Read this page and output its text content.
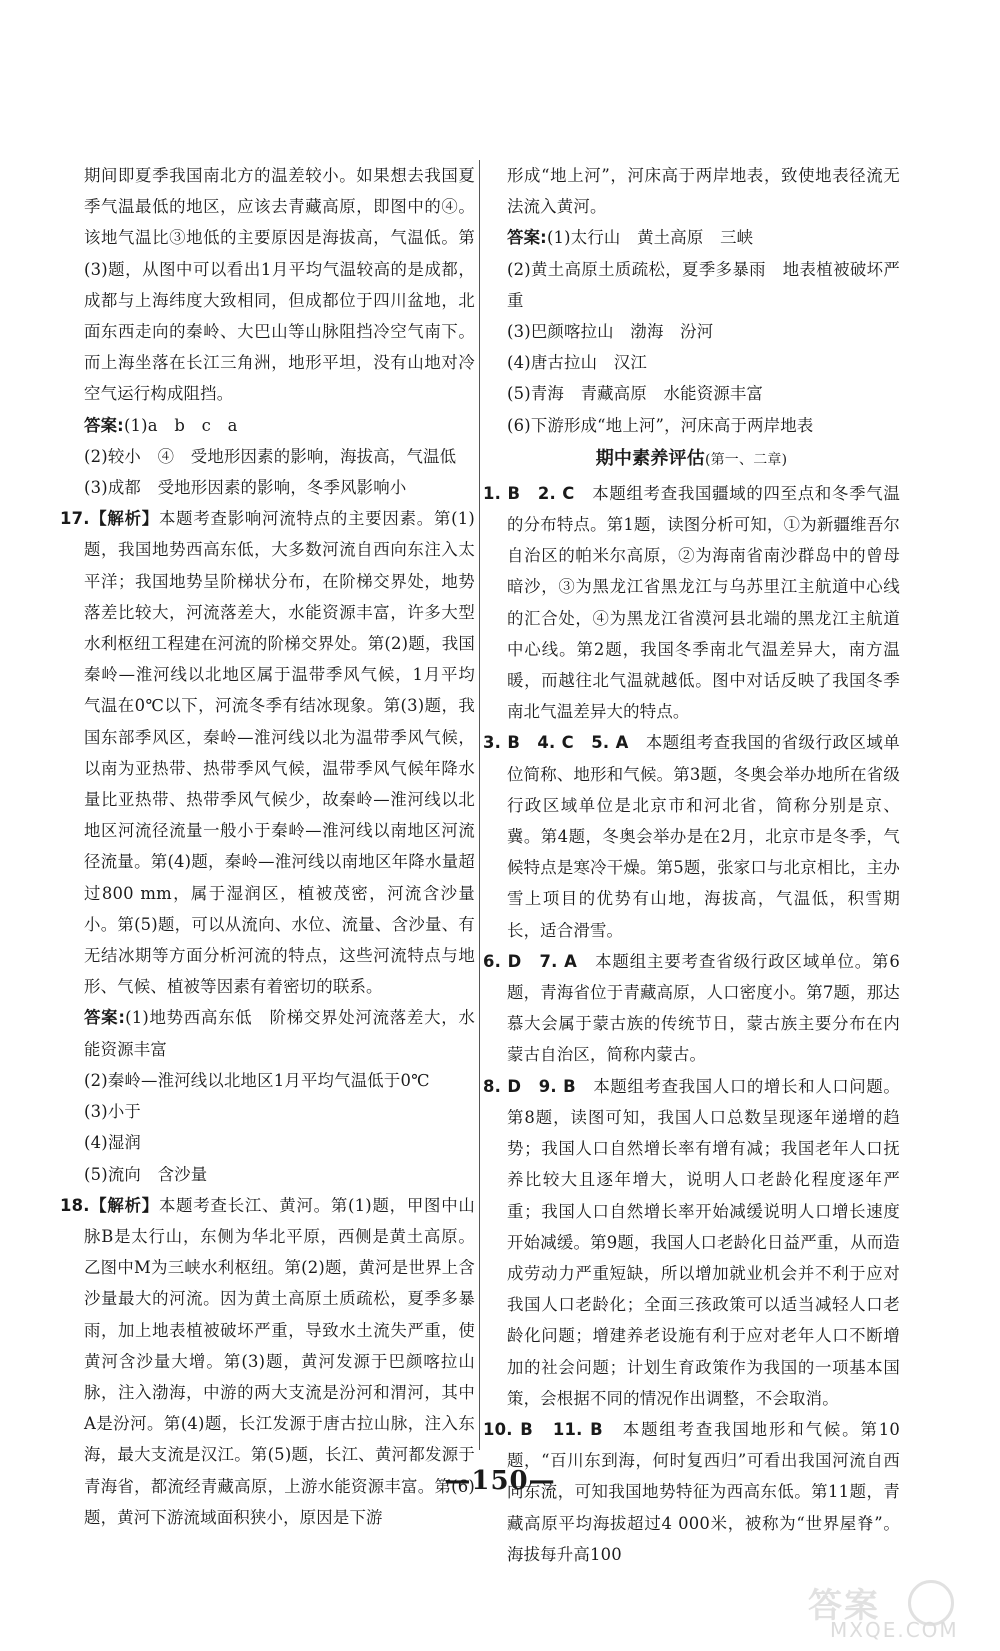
期间即夏季我国南北方的温差较小。如果想去我国夏季气温最低的地区，应该去青藏高原，即图中的④。该地气温比③地低的主要原因是海拔高，气温低。第(3)题，从图中可以看出1月平均气温较高的是成都，成都与上海纬度大致相同，但成都位于四川盆地，北面东西走向的秦岭、大巴山等山脉阻挡冷空气南下。而上海坐落在长江三角洲，地形平坦，没有山地对冷空气运行构成阻挡。

答案:(1)a　b　c　a

(2)较小　④　受地形因素的影响，海拔高，气温低

(3)成都　受地形因素的影响，冬季风影响小

17.【解析】本题考查影响河流特点的主要因素。第(1)题，我国地势西高东低，大多数河流自西向东注入太平洋；我国地势呈阶梯状分布，在阶梯交界处，地势落差比较大，河流落差大，水能资源丰富，许多大型水利枢纽工程建在河流的阶梯交界处。第(2)题，我国秦岭—淮河线以北地区属于温带季风气候，1月平均气温在0℃以下，河流冬季有结冰现象。第(3)题，我国东部季风区，秦岭—淮河线以北为温带季风气候，以南为亚热带、热带季风气候，温带季风气候年降水量比亚热带、热带季风气候少，故秦岭—淮河线以北地区河流径流量一般小于秦岭—淮河线以南地区河流径流量。第(4)题，秦岭—淮河线以南地区年降水量超过800 mm，属于湿润区，植被茂密，河流含沙量小。第(5)题，可以从流向、水位、流量、含沙量、有无结冰期等方面分析河流的特点，这些河流特点与地形、气候、植被等因素有着密切的联系。

答案:(1)地势西高东低　阶梯交界处河流落差大，水能资源丰富

(2)秦岭—淮河线以北地区1月平均气温低于0℃

(3)小于

(4)湿润

(5)流向　含沙量

18.【解析】本题考查长江、黄河。第(1)题，甲图中山脉B是太行山，东侧为华北平原，西侧是黄土高原。乙图中M为三峡水利枢纽。第(2)题，黄河是世界上含沙量最大的河流。因为黄土高原土质疏松，夏季多暴雨，加上地表植被破坏严重，导致水土流失严重，使黄河含沙量大增。第(3)题，黄河发源于巴颜喀拉山脉，注入渤海，中游的两大支流是汾河和渭河，其中A是汾河。第(4)题，长江发源于唐古拉山脉，注入东海，最大支流是汉江。第(5)题，长江、黄河都发源于青海省，都流经青藏高原，上游水能资源丰富。第(6)题，黄河下游流域面积狭小，原因是下游

形成“地上河”，河床高于两岸地表，致使地表径流无法流入黄河。

答案:(1)太行山　黄土高原　三峡

(2)黄土高原土质疏松，夏季多暴雨　地表植被破坏严重

(3)巴颜喀拉山　渤海　汾河

(4)唐古拉山　汉江

(5)青海　青藏高原　水能资源丰富

(6)下游形成“地上河”，河床高于两岸地表

期中素养评估(第一、二章)

1. B　2. C　本题组考查我国疆域的四至点和冬季气温的分布特点。第1题，读图分析可知，①为新疆维吾尔自治区的帕米尔高原，②为海南省南沙群岛中的曾母暗沙，③为黑龙江省黑龙江与乌苏里江主航道中心线的汇合处，④为黑龙江省漠河县北端的黑龙江主航道中心线。第2题，我国冬季南北气温差异大，南方温暖，而越往北气温就越低。图中对话反映了我国冬季南北气温差异大的特点。

3. B　4. C　5. A　本题组考查我国的省级行政区域单位简称、地形和气候。第3题，冬奥会举办地所在省级行政区域单位是北京市和河北省，简称分别是京、冀。第4题，冬奥会举办是在2月，北京市是冬季，气候特点是寒冷干燥。第5题，张家口与北京相比，主办雪上项目的优势有山地，海拔高，气温低，积雪期长，适合滑雪。

6. D　7. A　本题组主要考查省级行政区域单位。第6题，青海省位于青藏高原，人口密度小。第7题，那达慕大会属于蒙古族的传统节日，蒙古族主要分布在内蒙古自治区，简称内蒙古。

8. D　9. B　本题组考查我国人口的增长和人口问题。第8题，读图可知，我国人口总数呈现逐年递增的趋势；我国人口自然增长率有增有减；我国老年人口抚养比较大且逐年增大，说明人口老龄化程度逐年严重；我国人口自然增长率开始减缓说明人口增长速度开始减缓。第9题，我国人口老龄化日益严重，从而造成劳动力严重短缺，所以增加就业机会并不利于应对我国人口老龄化；全面三孩政策可以适当减轻人口老龄化问题；增建养老设施有利于应对老年人口不断增加的社会问题；计划生育政策作为我国的一项基本国策，会根据不同的情况作出调整，不会取消。

10. B　11. B　本题组考查我国地形和气候。第10题，“百川东到海，何时复西归”可看出我国河流自西向东流，可知我国地势特征为西高东低。第11题，青藏高原平均海拔超过4 000米，被称为“世界屋脊”。海拔每升高100

—150—
答案
MXQE.COM
